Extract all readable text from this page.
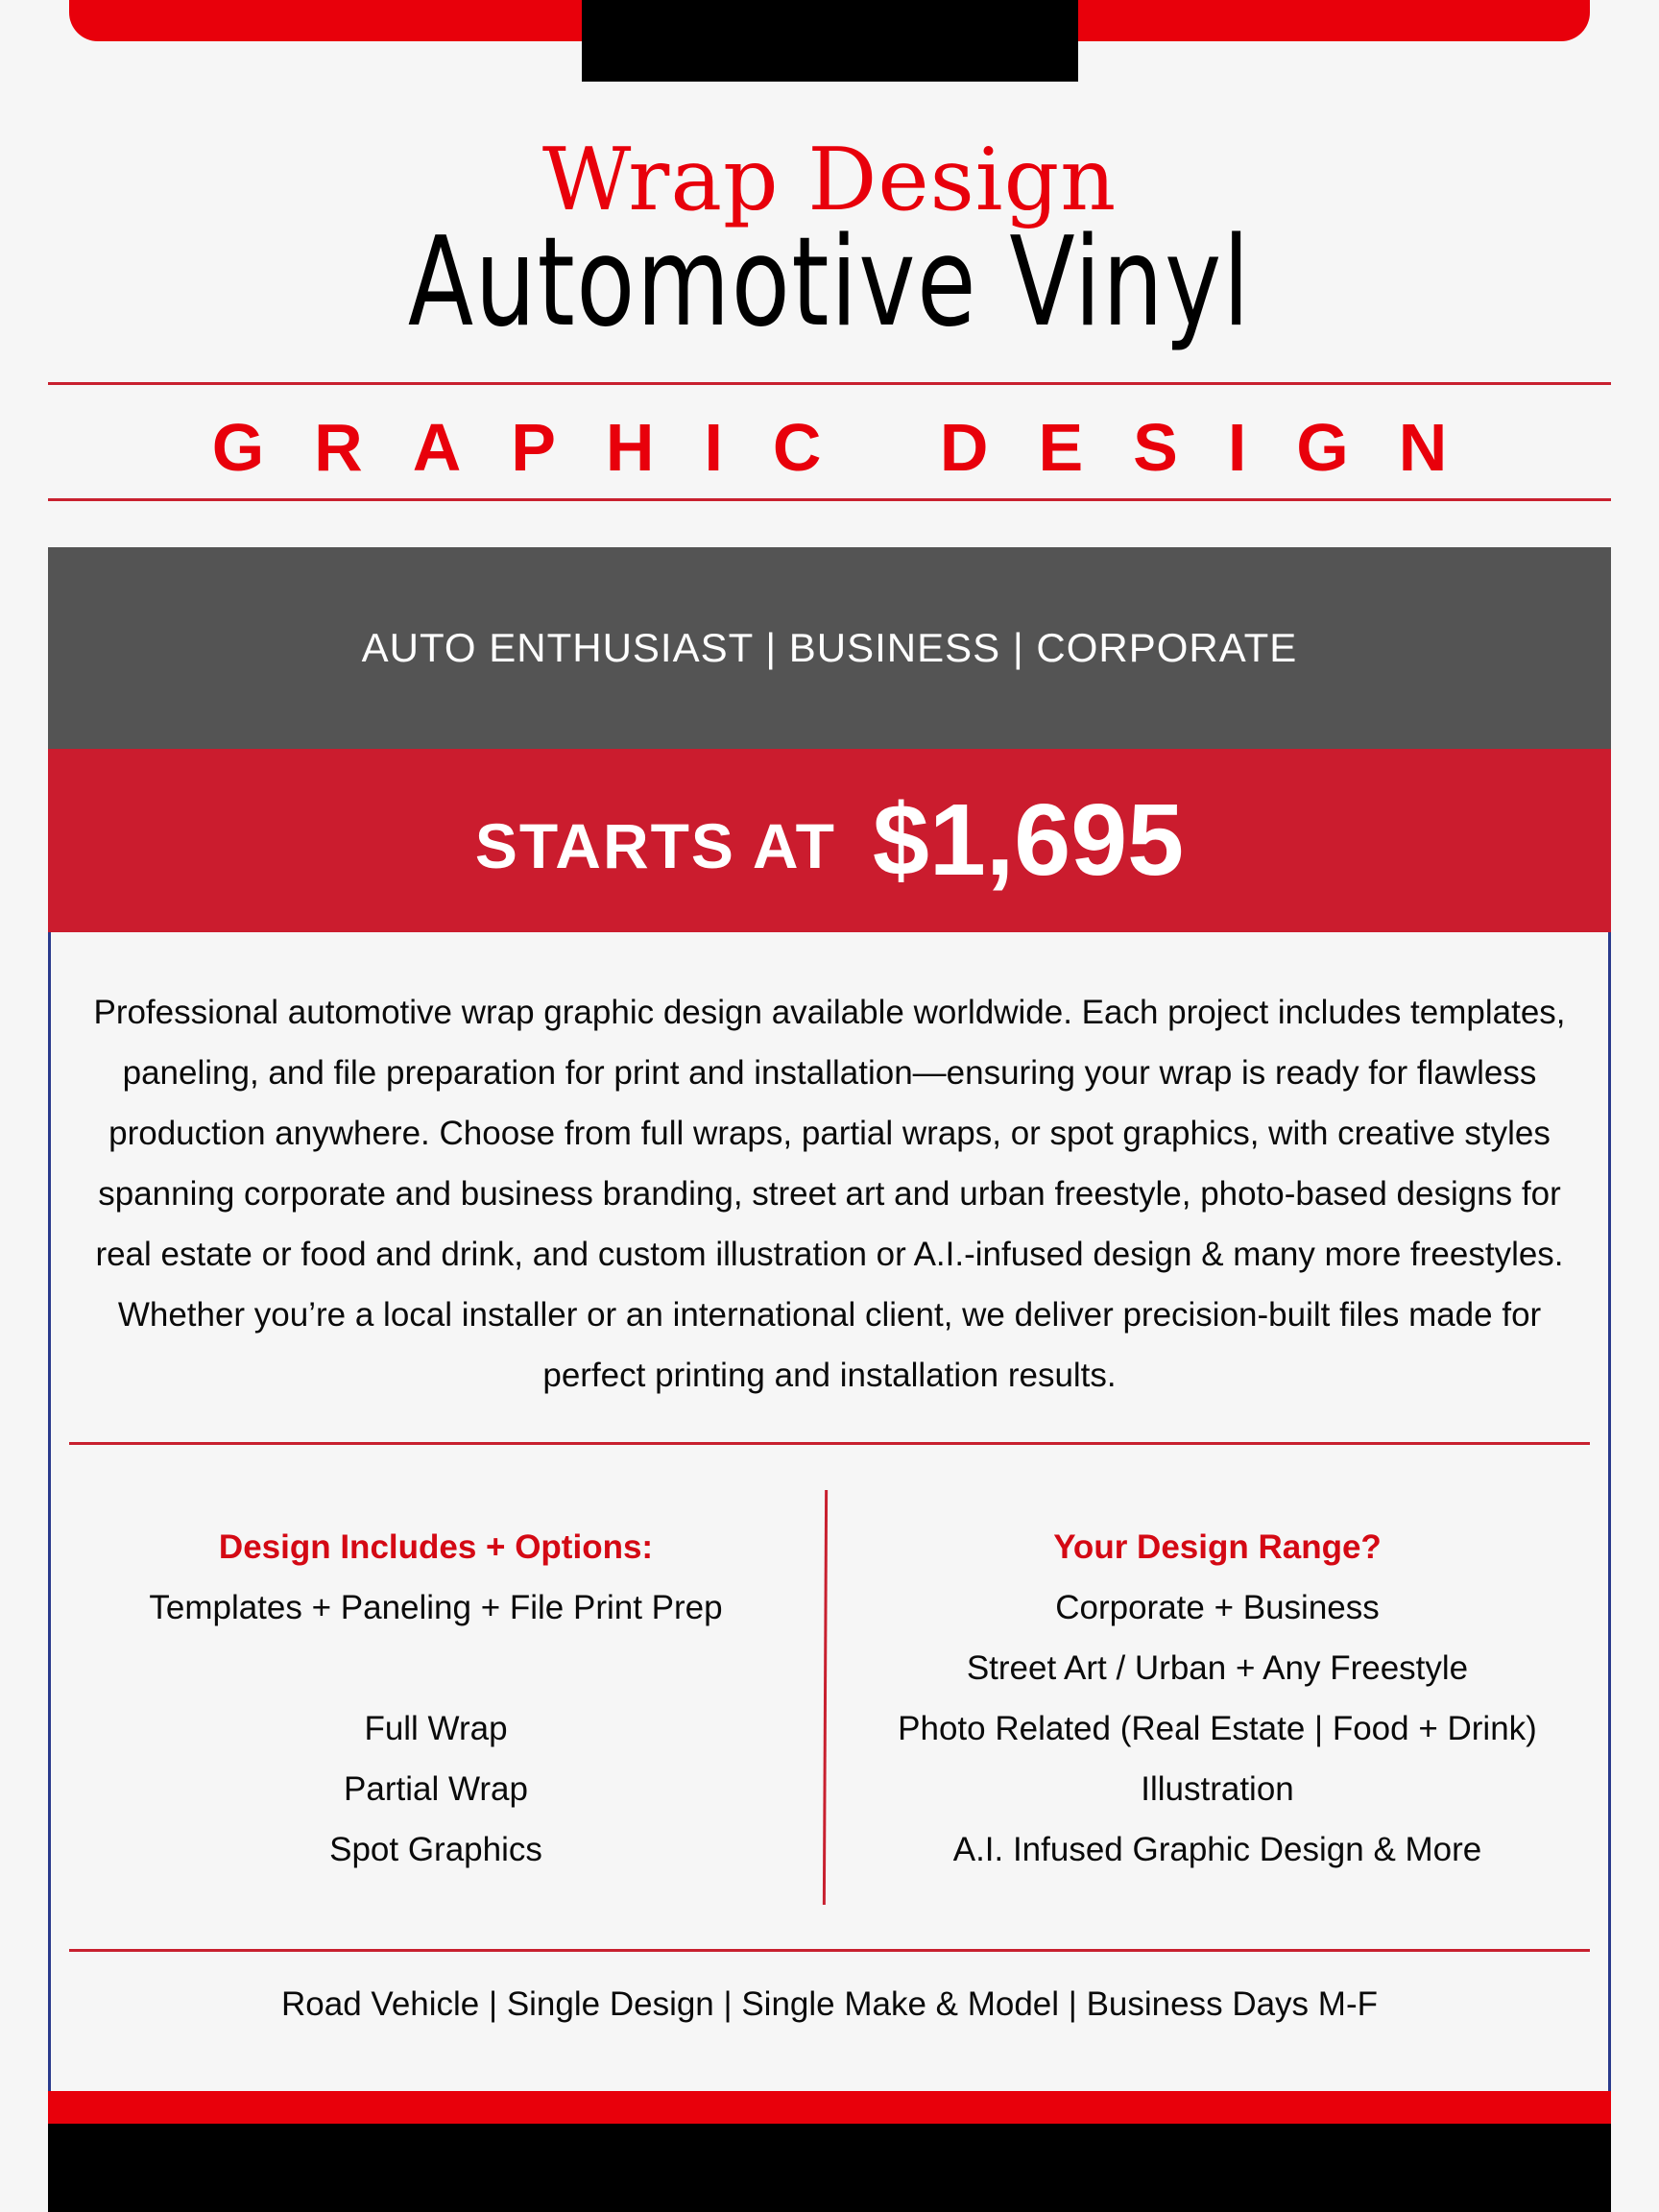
Wrap Design
Automotive Vinyl
GRAPHIC DESIGN
AUTO ENTHUSIAST | BUSINESS | CORPORATE
STARTS AT $1,695

Professional automotive wrap graphic design available worldwide. Each project includes templates, paneling, and file preparation for print and installation—ensuring your wrap is ready for flawless production anywhere. Choose from full wraps, partial wraps, or spot graphics, with creative styles spanning corporate and business branding, street art and urban freestyle, photo-based designs for real estate or food and drink, and custom illustration or A.I.-infused design & many more freestyles. Whether you’re a local installer or an international client, we deliver precision-built files made for perfect printing and installation results.

Design Includes + Options:
Templates + Paneling + File Print Prep
Full Wrap
Partial Wrap
Spot Graphics
Your Design Range?
Corporate + Business
Street Art / Urban + Any Freestyle
Photo Related (Real Estate | Food + Drink)
Illustration
A.I. Infused Graphic Design & More
Road Vehicle | Single Design | Single Make & Model | Business Days M-F
